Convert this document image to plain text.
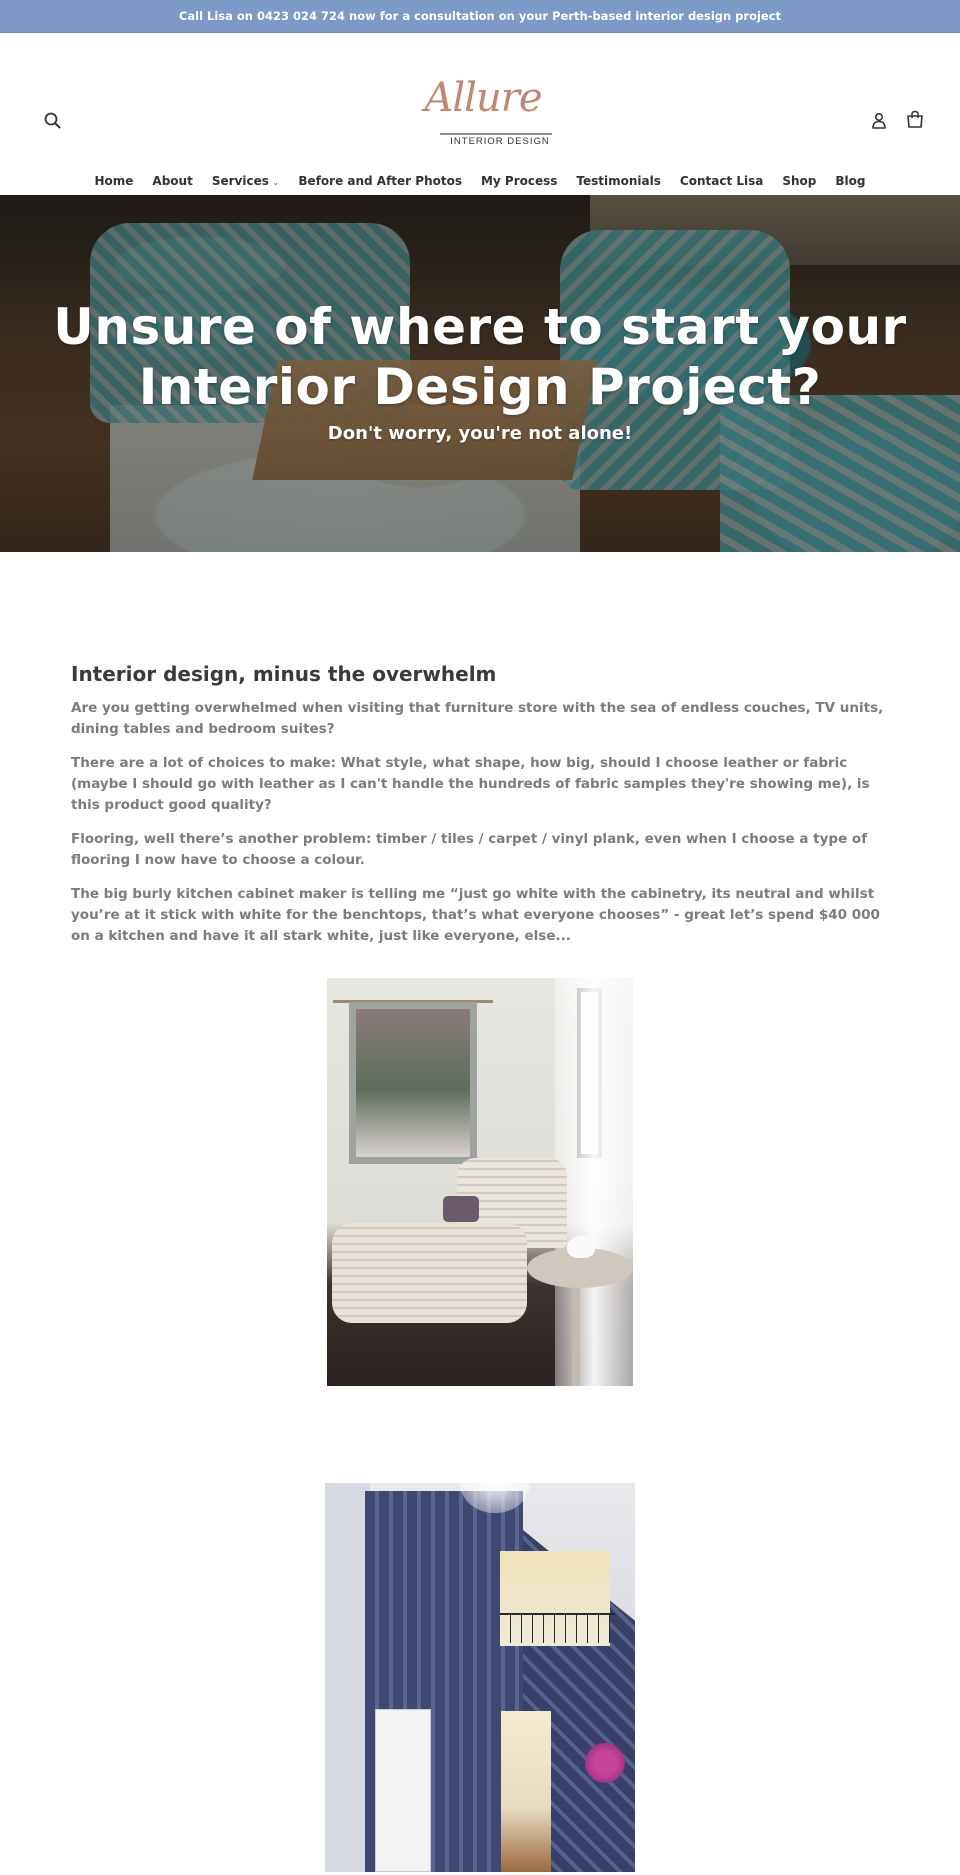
Call Lisa on 0423 024 724 now for a consultation on your Perth-based interior design project
Allure
INTERIOR DESIGN
Home	About	Services ⌄	Before and After Photos	My Process	Testimonials	Contact Lisa	Shop	Blog
Unsure of where to start your
Interior Design Project?
Don't worry, you're not alone!
Interior design, minus the overwhelm

Are you getting overwhelmed when visiting that furniture store with the sea of endless couches, TV units, dining tables and bedroom suites?

There are a lot of choices to make: What style, what shape, how big, should I choose leather or fabric (maybe I should go with leather as I can't handle the hundreds of fabric samples they're showing me), is this product good quality?

Flooring, well there’s another problem: timber / tiles / carpet / vinyl plank, even when I choose a type of flooring I now have to choose a colour.

The big burly kitchen cabinet maker is telling me “just go white with the cabinetry, its neutral and whilst you’re at it stick with white for the benchtops, that’s what everyone chooses” - great let’s spend $40 000 on a kitchen and have it all stark white, just like everyone, else...
